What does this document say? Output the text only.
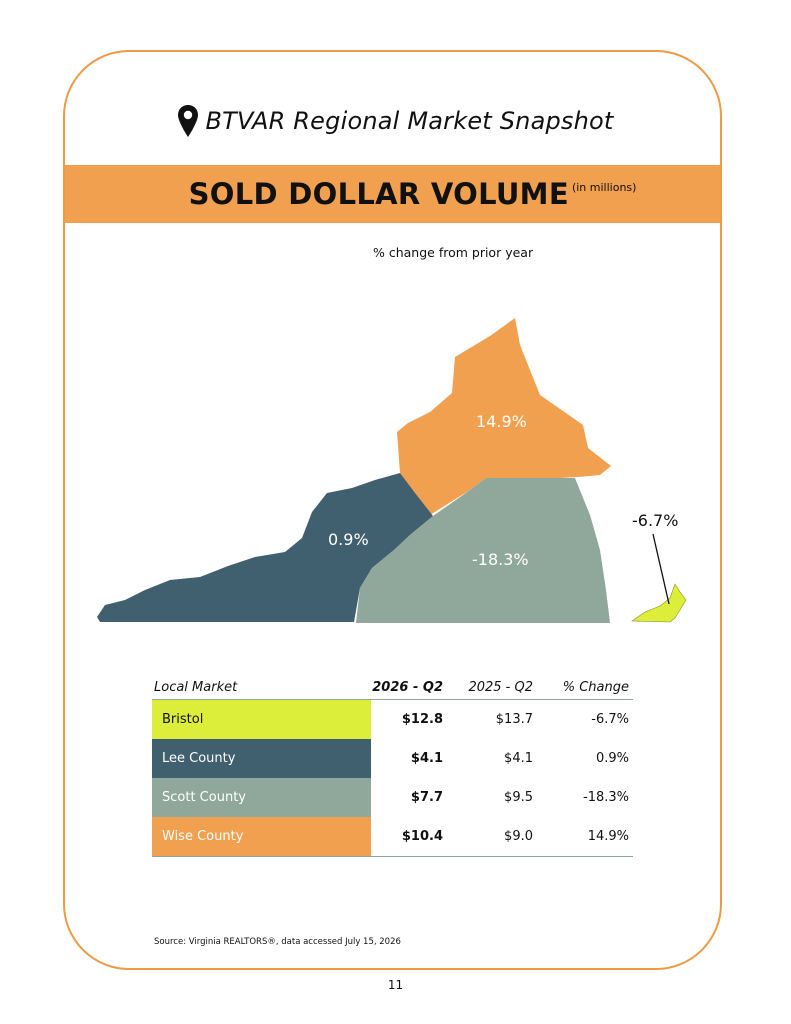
BTVAR Regional Market Snapshot
SOLD DOLLAR VOLUME (in millions)
% change from prior year
14.9%
0.9%
-18.3%
-6.7%
Local Market	2026 - Q2	2025 - Q2	% Change
Bristol	$12.8	$13.7	-6.7%
Lee County	$4.1	$4.1	0.9%
Scott County	$7.7	$9.5	-18.3%
Wise County	$10.4	$9.0	14.9%
Source: Virginia REALTORS®, data accessed July 15, 2026
11
